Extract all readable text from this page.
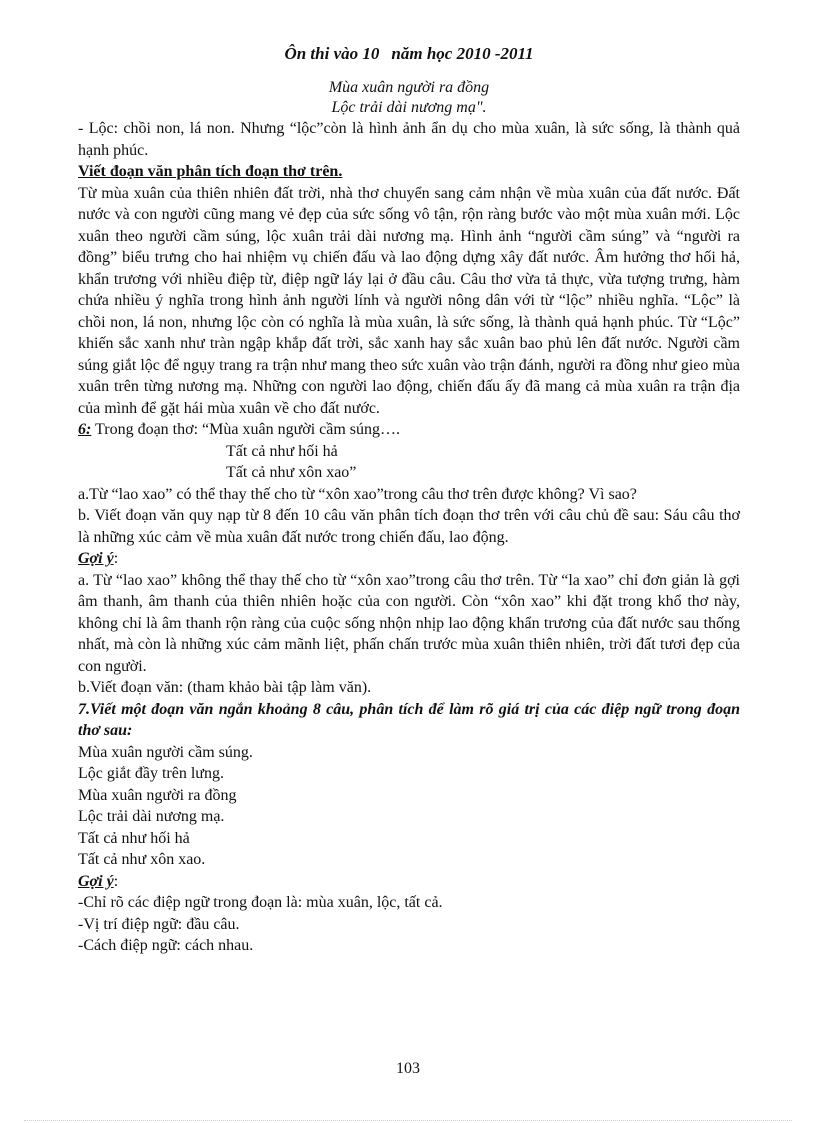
Ôn thi vào 10 năm học 2010 -2011
Mùa xuân người ra đồng
Lộc trải dài nương mạ".

- Lộc: chồi non, lá non. Nhưng “lộc”còn là hình ảnh ẩn dụ cho mùa xuân, là sức sống, là thành quả hạnh phúc.

Viết đoạn văn phân tích đoạn thơ trên.

Từ mùa xuân của thiên nhiên đất trời, nhà thơ chuyển sang cảm nhận về mùa xuân của đất nước. Đất nước và con người cũng mang vẻ đẹp của sức sống vô tận, rộn ràng bước vào một mùa xuân mới. Lộc xuân theo người cầm súng, lộc xuân trải dài nương mạ. Hình ảnh “người cầm súng” và “người ra đồng” biểu trưng cho hai nhiệm vụ chiến đấu và lao động dựng xây đất nước. Âm hưởng thơ hối hả, khẩn trương với nhiều điệp từ, điệp ngữ láy lại ở đầu câu. Câu thơ vừa tả thực, vừa tượng trưng, hàm chứa nhiều ý nghĩa trong hình ảnh người lính và người nông dân với từ “lộc” nhiều nghĩa. “Lộc” là chồi non, lá non, nhưng lộc còn có nghĩa là mùa xuân, là sức sống, là thành quả hạnh phúc. Từ “Lộc” khiến sắc xanh như tràn ngập khắp đất trời, sắc xanh hay sắc xuân bao phủ lên đất nước. Người cầm súng giắt lộc để ngụy trang ra trận như mang theo sức xuân vào trận đánh, người ra đồng như gieo mùa xuân trên từng nương mạ. Những con người lao động, chiến đấu ấy đã mang cả mùa xuân ra trận địa của mình để gặt hái mùa xuân về cho đất nước.

6: Trong đoạn thơ: “Mùa xuân người cầm súng….

Tất cả như hối hả
Tất cả như xôn xao”

a.Từ “lao xao” có thể thay thế cho từ “xôn xao”trong câu thơ trên được không? Vì sao?

b. Viết đoạn văn quy nạp từ 8 đến 10 câu văn phân tích đoạn thơ trên với câu chủ đề sau: Sáu câu thơ là những xúc cảm về mùa xuân đất nước trong chiến đấu, lao động.

Gợi ý:

a. Từ “lao xao” không thể thay thế cho từ “xôn xao”trong câu thơ trên. Từ “la xao” chỉ đơn giản là gợi âm thanh, âm thanh của thiên nhiên hoặc của con người. Còn “xôn xao” khi đặt trong khổ thơ này, không chỉ là âm thanh rộn ràng của cuộc sống nhộn nhịp lao động khẩn trương của đất nước sau thống nhất, mà còn là những xúc cảm mãnh liệt, phấn chấn trước mùa xuân thiên nhiên, trời đất tươi đẹp của con người.

b.Viết đoạn văn: (tham khảo bài tập làm văn).

7.Viết một đoạn văn ngắn khoảng 8 câu, phân tích để làm rõ giá trị của các điệp ngữ trong đoạn thơ sau:

Mùa xuân người cầm súng.
Lộc giắt đầy trên lưng.
Mùa xuân người ra đồng
Lộc trải dài nương mạ.
Tất cả như hối hả
Tất cả như xôn xao.

Gợi ý:

-Chỉ rõ các điệp ngữ trong đoạn là: mùa xuân, lộc, tất cả.

-Vị trí điệp ngữ: đầu câu.

-Cách điệp ngữ: cách nhau.

103
